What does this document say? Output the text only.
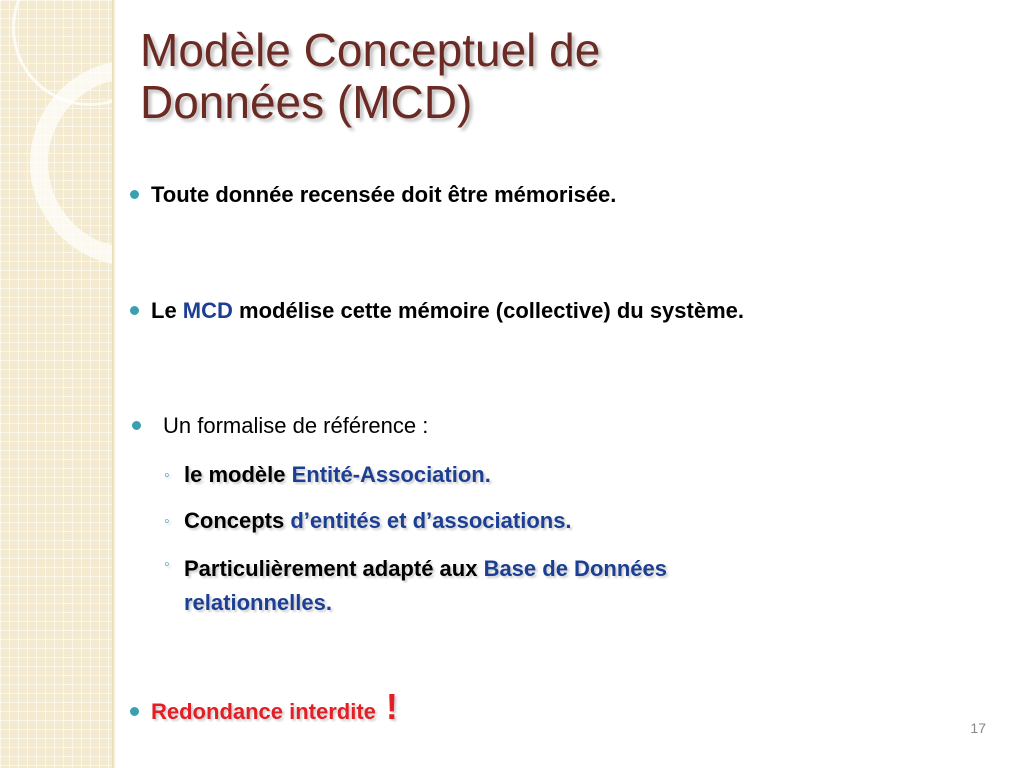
Modèle Conceptuel de
Données (MCD)
Toute donnée recensée doit être mémorisée.
Le MCD modélise cette mémoire (collective) du système.
Un formalise de référence :
◦ le modèle Entité-Association.
◦ Concepts d’entités et d’associations.
◦ Particulièrement adapté aux Base de Données
relationnelles.
Redondance interdite !
17
